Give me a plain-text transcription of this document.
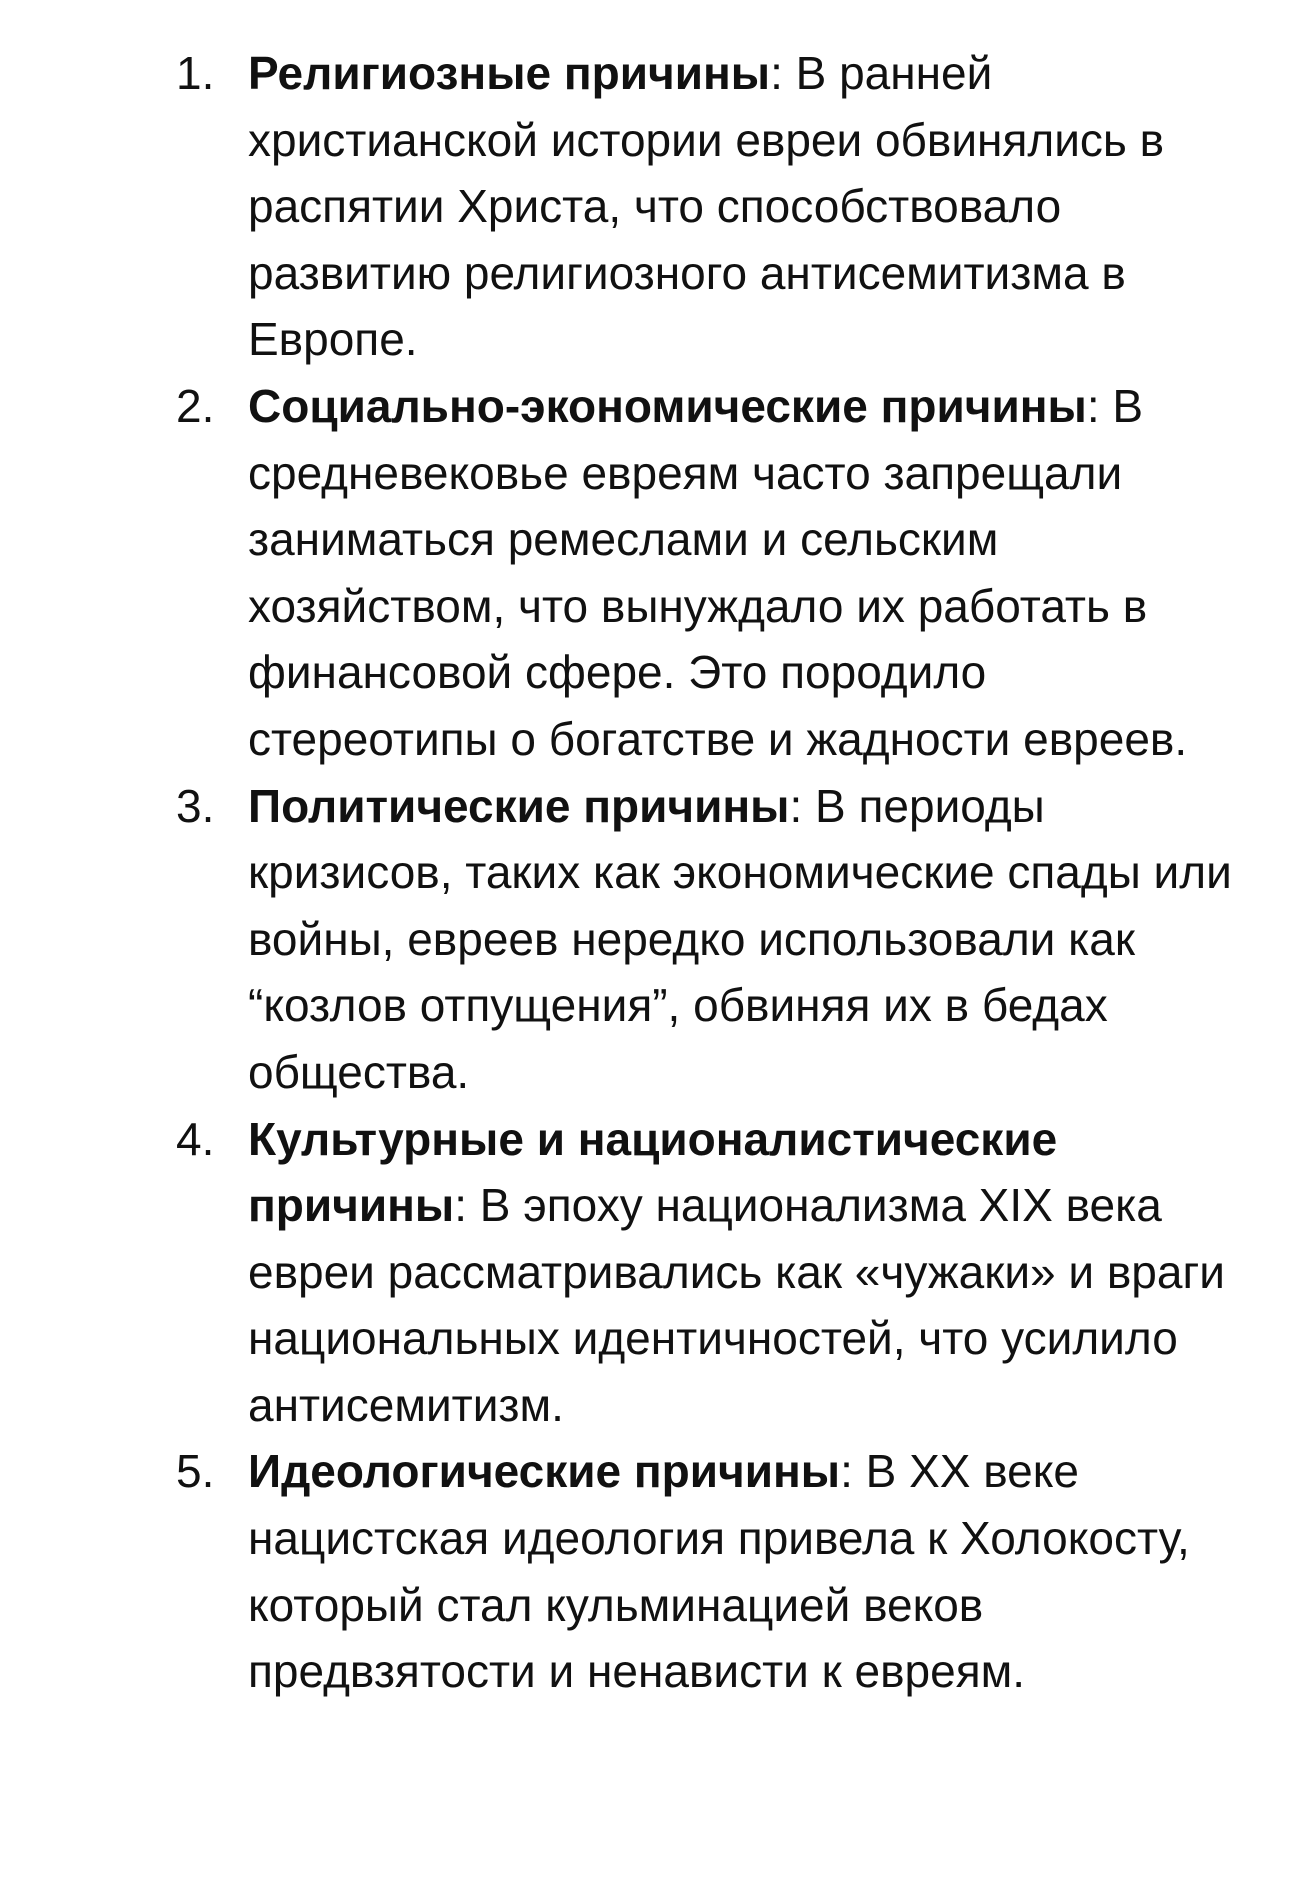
1. Религиозные причины: В ранней христианской истории евреи обвинялись в распятии Христа, что способствовало развитию религиозного антисемитизма в Европе.
2. Социально-экономические причины: В средневековье евреям часто запрещали заниматься ремеслами и сельским хозяйством, что вынуждало их работать в финансовой сфере. Это породило стереотипы о богатстве и жадности евреев.
3. Политические причины: В периоды кризисов, таких как экономические спады или войны, евреев нередко использовали как “козлов отпущения”, обвиняя их в бедах общества.
4. Культурные и националистические причины: В эпоху национализма XIX века евреи рассматривались как «чужаки» и враги национальных идентичностей, что усилило антисемитизм.
5. Идеологические причины: В XX веке нацистская идеология привела к Холокосту, который стал кульминацией веков предвзятости и ненависти к евреям.
